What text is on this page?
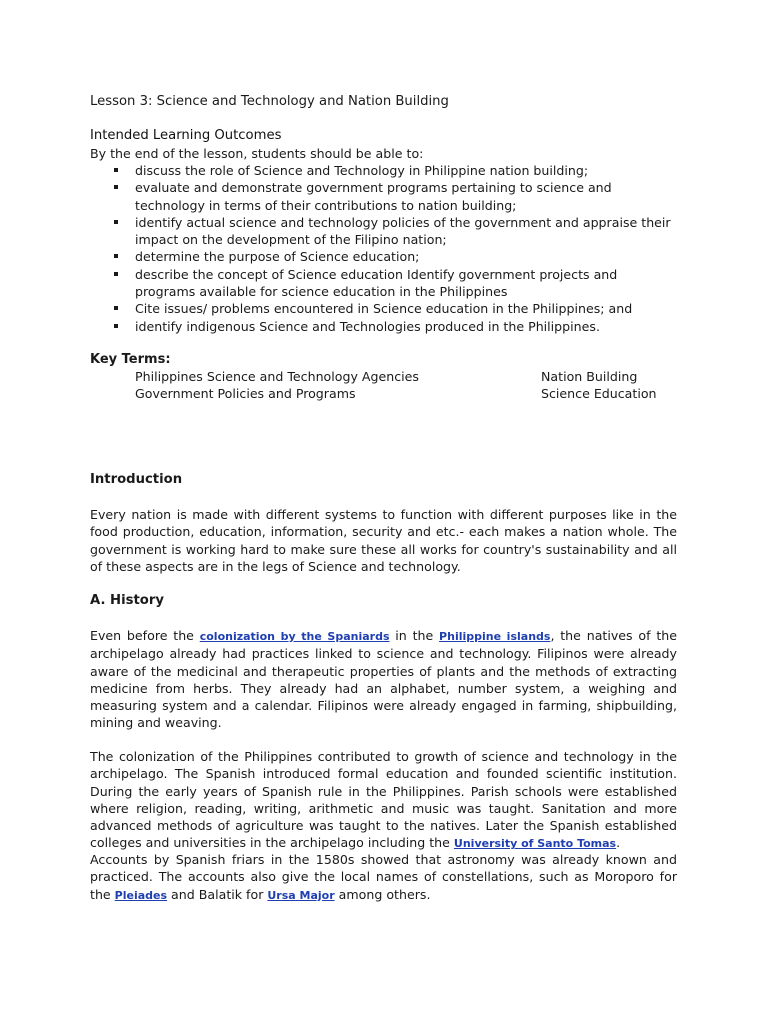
Lesson 3: Science and Technology and Nation Building
Intended Learning Outcomes
By the end of the lesson, students should be able to:
discuss the role of Science and Technology in Philippine nation building;
evaluate and demonstrate government programs pertaining to science and technology in terms of their contributions to nation building;
identify actual science and technology policies of the government and appraise their impact on the development of the Filipino nation;
determine the purpose of Science education;
describe the concept of Science education Identify government projects and programs available for science education in the Philippines
Cite issues/ problems encountered in Science education in the Philippines; and
identify indigenous Science and Technologies produced in the Philippines.
Key Terms:
Philippines Science and Technology Agencies	Nation Building
Government Policies and Programs	Science Education
Introduction
Every nation is made with different systems to function with different purposes like in the food production, education, information, security and etc.- each makes a nation whole. The government is working hard to make sure these all works for country's sustainability and all of these aspects are in the legs of Science and technology.
A. History
Even before the colonization by the Spaniards in the Philippine islands, the natives of the archipelago already had practices linked to science and technology. Filipinos were already aware of the medicinal and therapeutic properties of plants and the methods of extracting medicine from herbs. They already had an alphabet, number system, a weighing and measuring system and a calendar. Filipinos were already engaged in farming, shipbuilding, mining and weaving.
The colonization of the Philippines contributed to growth of science and technology in the archipelago. The Spanish introduced formal education and founded scientific institution. During the early years of Spanish rule in the Philippines. Parish schools were established where religion, reading, writing, arithmetic and music was taught. Sanitation and more advanced methods of agriculture was taught to the natives. Later the Spanish established colleges and universities in the archipelago including the University of Santo Tomas.
Accounts by Spanish friars in the 1580s showed that astronomy was already known and practiced. The accounts also give the local names of constellations, such as Moroporo for the Pleiades and Balatik for Ursa Major among others.
